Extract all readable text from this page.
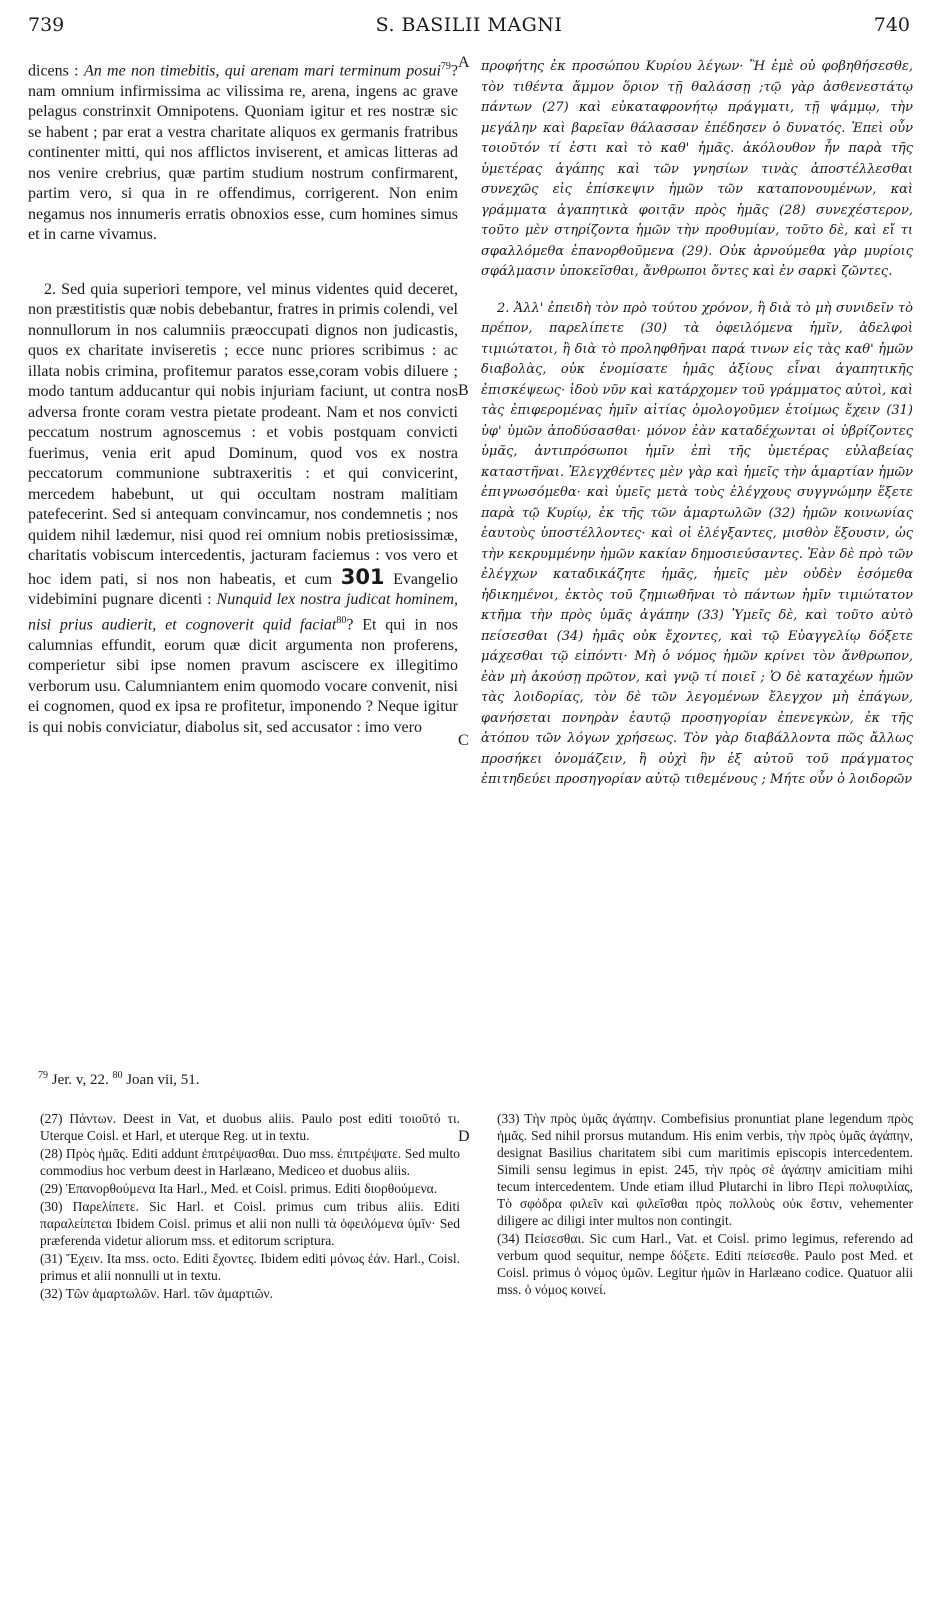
739	S. BASILII MAGNI	740
A
B
C
D

dicens : An me non timebitis, qui arenam mari terminum posui$^{79}$? nam omnium infirmissima ac vilissima re, arena, ingens ac grave pelagus constrinxit Omnipotens. Quoniam igitur et res nostræ sic se habent ; par erat a vestra charitate aliquos ex germanis fratribus continenter mitti, qui nos afflictos inviserent, et amicas litteras ad nos venire crebrius, quæ partim studium nostrum confirmarent, partim vero, si qua in re offendimus, corrigerent. Non enim negamus nos innumeris erratis obnoxios esse, cum homines simus et in carne vivamus.

2. Sed quia superiori tempore, vel minus videntes quid deceret, non præstitistis quæ nobis debebantur, fratres in primis colendi, vel nonnullorum in nos calumniis præoccupati dignos non judicastis, quos ex charitate inviseretis ; ecce nunc priores scribimus : ac illata nobis crimina, profitemur paratos esse,coram vobis diluere ; modo tantum adducantur qui nobis injuriam faciunt, ut contra nos adversa fronte coram vestra pietate prodeant. Nam et nos convicti peccatum nostrum agnoscemus : et vobis postquam convicti fuerimus, venia erit apud Dominum, quod vos ex nostra peccatorum communione subtraxeritis : et qui convicerint, mercedem habebunt, ut qui occultam nostram malitiam patefecerint. Sed si antequam convincamur, nos condemnetis ; nos quidem nihil lædemur, nisi quod rei omnium nobis pretiosissimæ, charitatis vobiscum intercedentis, jacturam faciemus : vos vero et hoc idem pati, si nos non habeatis, et cum 301 Evangelio videbimini pugnare dicenti : Nunquid lex nostra judicat hominem, nisi prius audierit, et cognoverit quid faciat$^{80}$? Et qui in nos calumnias effundit, eorum quæ dicit argumenta non proferens, comperietur sibi ipse nomen pravum asciscere ex illegitimo verborum usu. Calumniantem enim quomodo vocare convenit, nisi ei cognomen, quod ex ipsa re profitetur, imponendo ? Neque igitur is qui nobis conviciatur, diabolus sit, sed accusator : imo vero

προφήτης ἐκ προσώπου Κυρίου λέγων· Ἢ ἐμὲ οὐ φοβηθήσεσθε, τὸν τιθέντα ἄμμον ὅριον τῇ θαλάσσῃ ;τῷ γὰρ ἀσθενεστάτῳ πάντων (27) καὶ εὐκαταφρονήτῳ πράγματι, τῇ ψάμμῳ, τὴν μεγάλην καὶ βαρεῖαν θάλασσαν ἐπέδησεν ὁ δυνατός. Ἐπεὶ οὖν τοιοῦτόν τί ἐστι καὶ τὸ καθ' ἡμᾶς. ἀκόλουθον ἦν παρὰ τῆς ὑμετέρας ἀγάπης καὶ τῶν γνησίων τινὰς ἀποστέλλεσθαι συνεχῶς εἰς ἐπίσκεψιν ἡμῶν τῶν καταπονουμένων, καὶ γράμματα ἀγαπητικὰ φοιτᾷν πρὸς ἡμᾶς (28) συνεχέστερον, τοῦτο μὲν στηρίζοντα ἡμῶν τὴν προθυμίαν, τοῦτο δὲ, καὶ εἴ τι σφαλλόμεθα ἐπανορθοῦμενα (29). Οὐκ ἀρνούμεθα γὰρ μυρίοις σφάλμασιν ὑποκεῖσθαι, ἄνθρωποι ὄντες καὶ ἐν σαρκὶ ζῶντες.

2. Ἀλλ' ἐπειδὴ τὸν πρὸ τούτου χρόνον, ἢ διὰ τὸ μὴ συνιδεῖν τὸ πρέπον, παρελίπετε (30) τὰ ὀφειλόμενα ἡμῖν, ἀδελφοὶ τιμιώτατοι, ἢ διὰ τὸ προληφθῆναι παρά τινων εἰς τὰς καθ' ἡμῶν διαβολὰς, οὐκ ἐνομίσατε ἡμᾶς ἀξίους εἶναι ἀγαπητικῆς ἐπισκέψεως· ἰδοὺ νῦν καὶ κατάρχομεν τοῦ γράμματος αὐτοὶ, καὶ τὰς ἐπιφερομένας ἡμῖν αἰτίας ὁμολογοῦμεν ἑτοίμως ἔχειν (31) ὑφ' ὑμῶν ἀποδύσασθαι· μόνον ἐὰν καταδέχωνται οἱ ὑβρίζοντες ὑμᾶς, ἀντιπρόσωποι ἡμῖν ἐπὶ τῆς ὑμετέρας εὐλαβείας καταστῆναι. Ἐλεγχθέντες μὲν γὰρ καὶ ἡμεῖς τὴν ἁμαρτίαν ἡμῶν ἐπιγνωσόμεθα· καὶ ὑμεῖς μετὰ τοὺς ἐλέγχους συγγνώμην ἕξετε παρὰ τῷ Κυρίῳ, ἐκ τῆς τῶν ἁμαρτωλῶν (32) ἡμῶν κοινωνίας ἑαυτοὺς ὑποστέλλοντες· καὶ οἱ ἐλέγξαντες, μισθὸν ἕξουσιν, ὡς τὴν κεκρυμμένην ἡμῶν κακίαν δημοσιεύσαντες. Ἐὰν δὲ πρὸ τῶν ἐλέγχων καταδικάζητε ἡμᾶς, ἡμεῖς μὲν οὐδὲν ἐσόμεθα ἠδικημένοι, ἐκτὸς τοῦ ζημιωθῆναι τὸ πάντων ἡμῖν τιμιώτατον κτῆμα τὴν πρὸς ὑμᾶς ἀγάπην (33) Ὑμεῖς δὲ, καὶ τοῦτο αὐτὸ πείσεσθαι (34) ἡμᾶς οὐκ ἔχοντες, καὶ τῷ Εὐαγγελίῳ δόξετε μάχεσθαι τῷ εἰπόντι· Μὴ ὁ νόμος ἡμῶν κρίνει τὸν ἄνθρωπον, ἐὰν μὴ ἀκούσῃ πρῶτον, καὶ γνῷ τί ποιεῖ ; Ὁ δὲ καταχέων ἡμῶν τὰς λοιδορίας, τὸν δὲ τῶν λεγομένων ἔλεγχον μὴ ἐπάγων, φανήσεται πονηρὰν ἑαυτῷ προσηγορίαν ἐπενεγκὼν, ἐκ τῆς ἀτόπου τῶν λόγων χρήσεως. Τὸν γὰρ διαβάλλοντα πῶς ἄλλως προσήκει ὀνομάζειν, ἢ οὐχὶ ἣν ἐξ αὐτοῦ τοῦ πράγματος ἐπιτηδεύει προσηγορίαν αὐτῷ τιθεμένους ; Μήτε οὖν ὁ λοιδορῶν

$^{79}$ Jer. v, 22. $^{80}$ Joan vii, 51.

(27) Πάντων. Deest in Vat, et duobus aliis. Paulo post editi τοιοῦτό τι. Uterque Coisl. et Harl, et uterque Reg. ut in textu.

(28) Πρὸς ἡμᾶς. Editi addunt ἐπιτρέψασθαι. Duo mss. ἐπιτρέψατε. Sed multo commodius hoc verbum deest in Harlæano, Mediceo et duobus aliis.

(29) Ἐπανορθούμενα Ita Harl., Med. et Coisl. primus. Editi διορθούμενα.

(30) Παρελίπετε. Sic Harl. et Coisl. primus cum tribus aliis. Editi παραλείπεται Ibidem Coisl. primus et alii non nulli τὰ ὀφειλόμενα ὑμῖν· Sed præferenda videtur aliorum mss. et editorum scriptura.

(31) Ἔχειν. Ita mss. octo. Editi ἔχοντες. Ibidem editi μόνως ἐάν. Harl., Coisl. primus et alii nonnulli ut in textu.

(32) Τῶν ἁμαρτωλῶν. Harl. τῶν ἁμαρτιῶν.

(33) Τὴν πρὸς ὑμᾶς ἀγάπην. Combefisius pronuntiat plane legendum πρὸς ἡμᾶς. Sed nihil prorsus mutandum. His enim verbis, τὴν πρὸς ὑμᾶς ἀγάπην, designat Basilius charitatem sibi cum maritimis episcopis intercedentem. Simili sensu legimus in epist. 245, τὴν πρὸς σὲ ἀγάπην amicitiam mihi tecum intercedentem. Unde etiam illud Plutarchi in libro Περὶ πολυφιλίας, Τὸ σφόδρα φιλεῖν καὶ φιλεῖσθαι πρὸς πολλοὺς οὐκ ἔστιν, vehementer diligere ac diligi inter multos non contingit.

(34) Πείσεσθαι. Sic cum Harl., Vat. et Coisl. primo legimus, referendo ad verbum quod sequitur, nempe δόξετε. Editi πείσεσθε. Paulo post Med. et Coisl. primus ὁ νόμος ὑμῶν. Legitur ἡμῶν in Harlæano codice. Quatuor alii mss. ὁ νόμος κοινεί.
